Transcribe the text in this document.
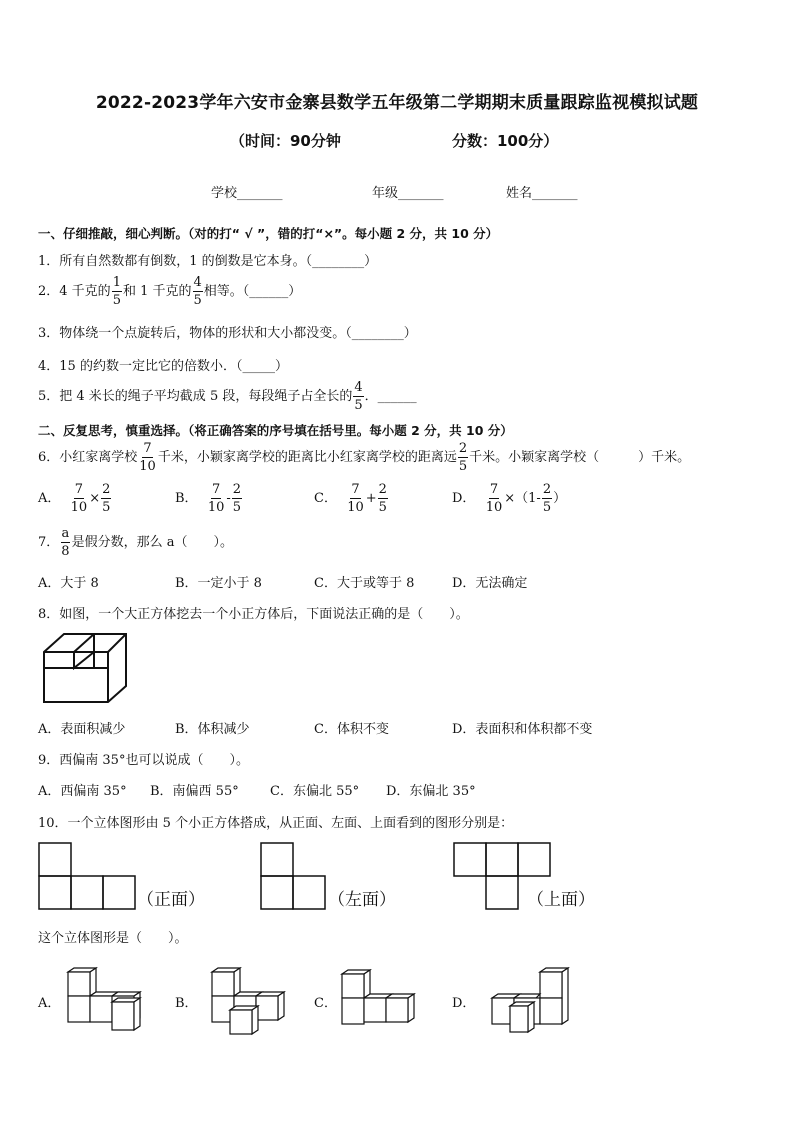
2022-2023学年六安市金寨县数学五年级第二学期期末质量跟踪监视模拟试题
（时间：90分钟	分数：100分）
学校_______	年级_______	姓名_______
一、仔细推敲，细心判断。（对的打“ √ ”，错的打“×”。每小题 2 分，共 10 分）
1．所有自然数都有倒数，1 的倒数是它本身。（________）
2．4 千克的 $\frac{1}{5}$ 和 1 千克的 $\frac{4}{5}$ 相等。（______）
3．物体绕一个点旋转后，物体的形状和大小都没变。（________）
4．15 的约数一定比它的倍数小．（_____）
5．把 4 米长的绳子平均截成 5 段，每段绳子占全长的 $\frac{4}{5}$ ．______
二、反复思考，慎重选择。（将正确答案的序号填在括号里。每小题 2 分，共 10 分）
6．小红家离学校 $\frac{7}{10}$ 千米，小颖家离学校的距离比小红家离学校的距离远 $\frac{2}{5}$ 千米。小颖家离学校（　　　）千米。
A． $\frac{7}{10} \times \frac{2}{5}$	B． $\frac{7}{10} - \frac{2}{5}$	C． $\frac{7}{10} + \frac{2}{5}$	D． $\frac{7}{10} \times(1- \frac{2}{5}$ ）
7． $\frac{a}{8}$ 是假分数，那么 a（　　）。
A．大于 8	B．一定小于 8	C．大于或等于 8	D．无法确定
8．如图，一个大正方体挖去一个小正方体后，下面说法正确的是（　　）。
A．表面积减少	B．体积减少	C．体积不变	D．表面积和体积都不变
9．西偏南 35°也可以说成（　　）。
A．西偏南 35° B．南偏西 55° C．东偏北 55° D．东偏北 35°
10．一个立体图形由 5 个小正方体搭成，从正面、左面、上面看到的图形分别是：
（正面）	（左面）	（上面）
这个立体图形是（　　）。
A．	B．	C．	D．
